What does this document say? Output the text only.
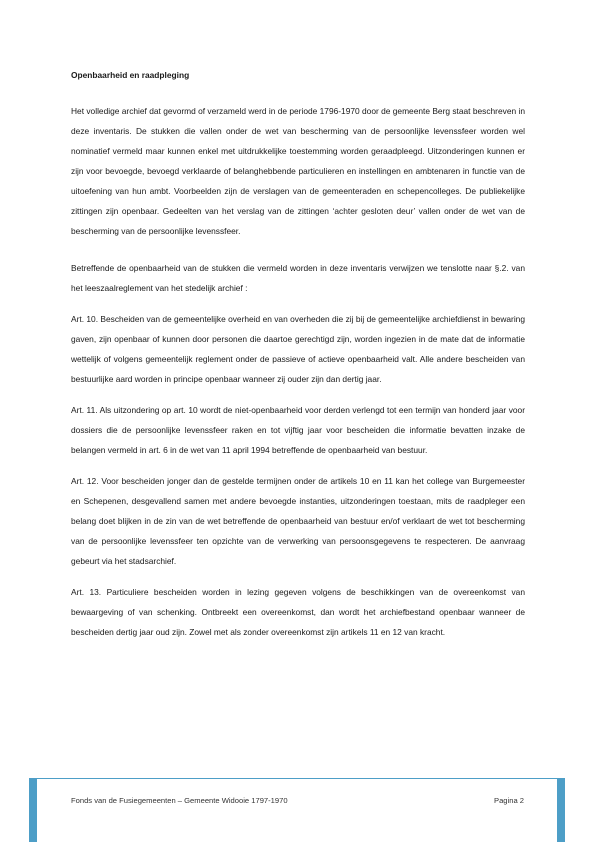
Openbaarheid en raadpleging

Het volledige archief dat gevormd of verzameld werd in de periode 1796-1970 door de gemeente Berg staat beschreven in deze inventaris. De stukken die vallen onder de wet van bescherming van de persoonlijke levenssfeer worden wel nominatief vermeld maar kunnen enkel met uitdrukkelijke toestemming worden geraadpleegd. Uitzonderingen kunnen er zijn voor bevoegde, bevoegd verklaarde of belanghebbende particulieren en instellingen en ambtenaren in functie van de uitoefening van hun ambt. Voorbeelden zijn de verslagen van de gemeenteraden en schepencolleges. De publiekelijke zittingen zijn openbaar. Gedeelten van het verslag van de zittingen ‘achter gesloten deur’ vallen onder de wet van de bescherming van de persoonlijke levenssfeer.

Betreffende de openbaarheid van de stukken die vermeld worden in deze inventaris verwijzen we tenslotte naar §.2. van het leeszaalreglement van het stedelijk archief :

Art. 10. Bescheiden van de gemeentelijke overheid en van overheden die zij bij de gemeentelijke archiefdienst in bewaring gaven, zijn openbaar of kunnen door personen die daartoe gerechtigd zijn, worden ingezien in de mate dat de informatie wettelijk of volgens gemeentelijk reglement onder de passieve of actieve openbaarheid valt. Alle andere bescheiden van bestuurlijke aard worden in principe openbaar wanneer zij ouder zijn dan dertig jaar.

Art. 11. Als uitzondering op art. 10 wordt de niet-openbaarheid voor derden verlengd tot een termijn van honderd jaar voor dossiers die de persoonlijke levenssfeer raken en tot vijftig jaar voor bescheiden die informatie bevatten inzake de belangen vermeld in art. 6 in de wet van 11 april 1994 betreffende de openbaarheid van bestuur.

Art. 12. Voor bescheiden jonger dan de gestelde termijnen onder de artikels 10 en 11 kan het college van Burgemeester en Schepenen, desgevallend samen met andere bevoegde instanties, uitzonderingen toestaan, mits de raadpleger een belang doet blijken in de zin van de wet betreffende de openbaarheid van bestuur en/of verklaart de wet tot bescherming van de persoonlijke levenssfeer ten opzichte van de verwerking van persoonsgegevens te respecteren. De aanvraag gebeurt via het stadsarchief.

Art. 13. Particuliere bescheiden worden in lezing gegeven volgens de beschikkingen van de overeenkomst van bewaargeving of van schenking. Ontbreekt een overeenkomst, dan wordt het archiefbestand openbaar wanneer de bescheiden dertig jaar oud zijn. Zowel met als zonder overeenkomst zijn artikels 11 en 12 van kracht.

Fonds van de Fusiegemeenten – Gemeente Widooie 1797-1970	Pagina 2
